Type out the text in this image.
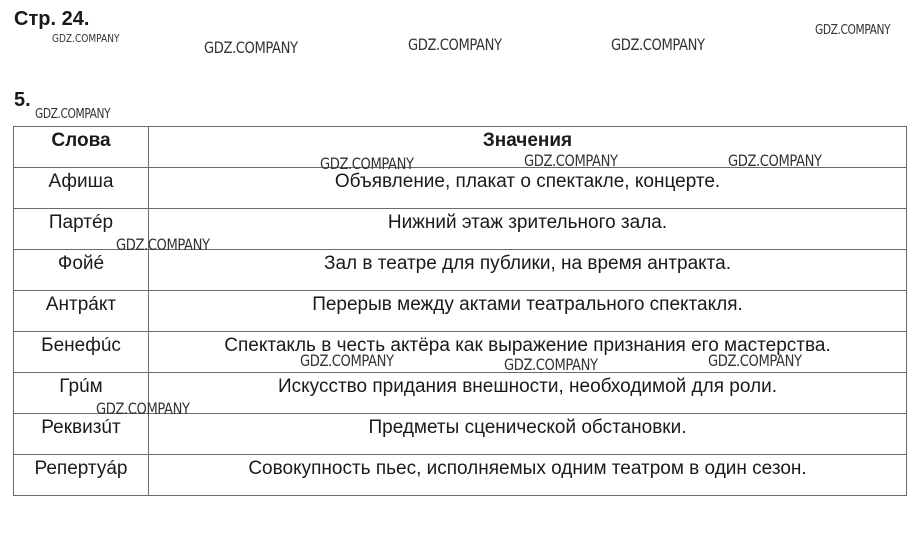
Стр. 24.
5.
Слова	Значения
Афиша	Объявление, плакат о спектакле, концерте.
Партéр	Нижний этаж зрительного зала.
Фойé	Зал в театре для публики, на время антракта.
Антрáкт	Перерыв между актами театрального спектакля.
Бенефúс	Спектакль в честь актёра как выражение признания его мастерства.
Грúм	Искусство придания внешности, необходимой для роли.
Реквизúт	Предметы сценической обстановки.
Репертуáр	Совокупность пьес, исполняемых одним театром в один сезон.
GDZ.COMPANY	GDZ.COMPANY	GDZ.COMPANY	GDZ.COMPANY
GDZ.COMPANY
GDZ.COMPANY
GDZ.COMPANY	GDZ.COMPANY	GDZ.COMPANY
GDZ.COMPANY
GDZ.COMPANY	GDZ.COMPANY	GDZ.COMPANY
GDZ.COMPANY
